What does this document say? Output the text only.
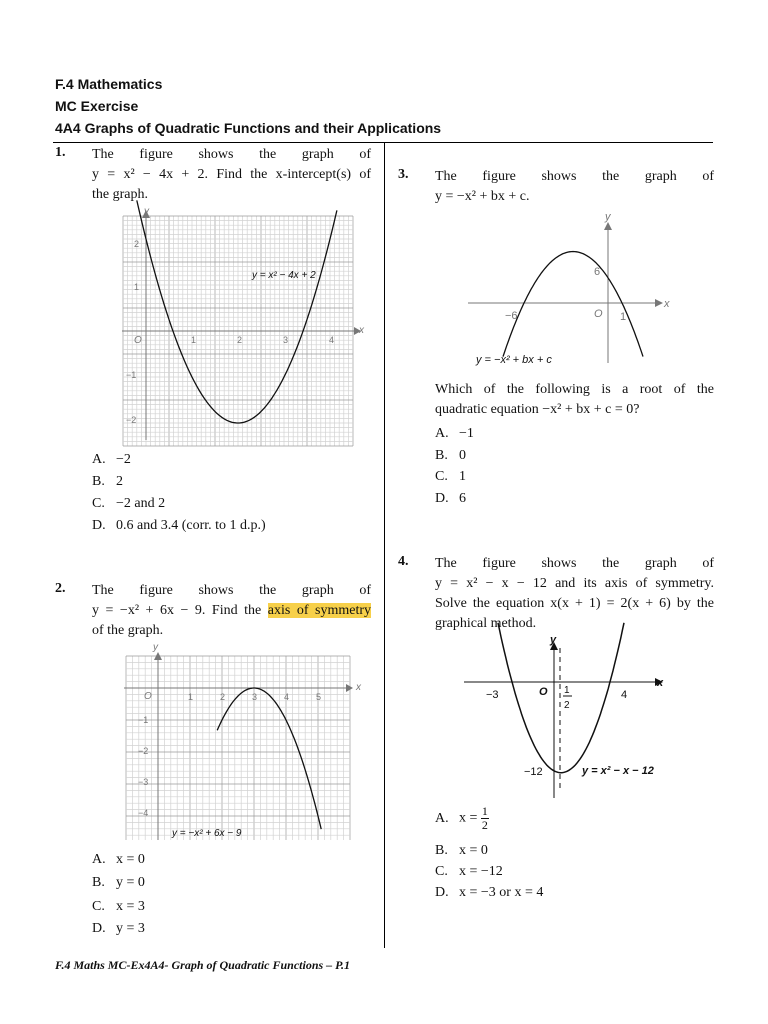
F.4 Mathematics
MC Exercise
4A4 Graphs of Quadratic Functions and their Applications
1. The figure shows the graph of
y = x² − 4x + 2. Find the x-intercept(s) of
the graph.
y
x
O	1	2	3	4
2
1
−1
−2
y = x² − 4x + 2
A. −2
B. 2
C. −2 and 2
D. 0.6 and 3.4 (corr. to 1 d.p.)
2. The figure shows the graph of
y = −x² + 6x − 9. Find the axis of symmetry
of the graph.
y
x
O	1	2	3	4	5
−1
−2
−3
−4
y = −x² + 6x − 9
A. x = 0
B. y = 0
C. x = 3
D. y = 3
3. The figure shows the graph of
y = −x² + bx + c.
y
x
O
−6
6
1
y = −x² + bx + c
Which of the following is a root of the
quadratic equation −x² + bx + c = 0?
A. −1
B. 0
C. 1
D. 6
4. The figure shows the graph of
y = x² − x − 12 and its axis of symmetry.
Solve the equation x(x + 1) = 2(x + 6) by the
graphical method.
y
x
O
−3	4
−12
1
2
y = x² − x − 12
A. $x = \frac{1}{2}$
B. x = 0
C. x = −12
D. x = −3 or x = 4
F.4 Maths MC-Ex4A4- Graph of Quadratic Functions – P.1
